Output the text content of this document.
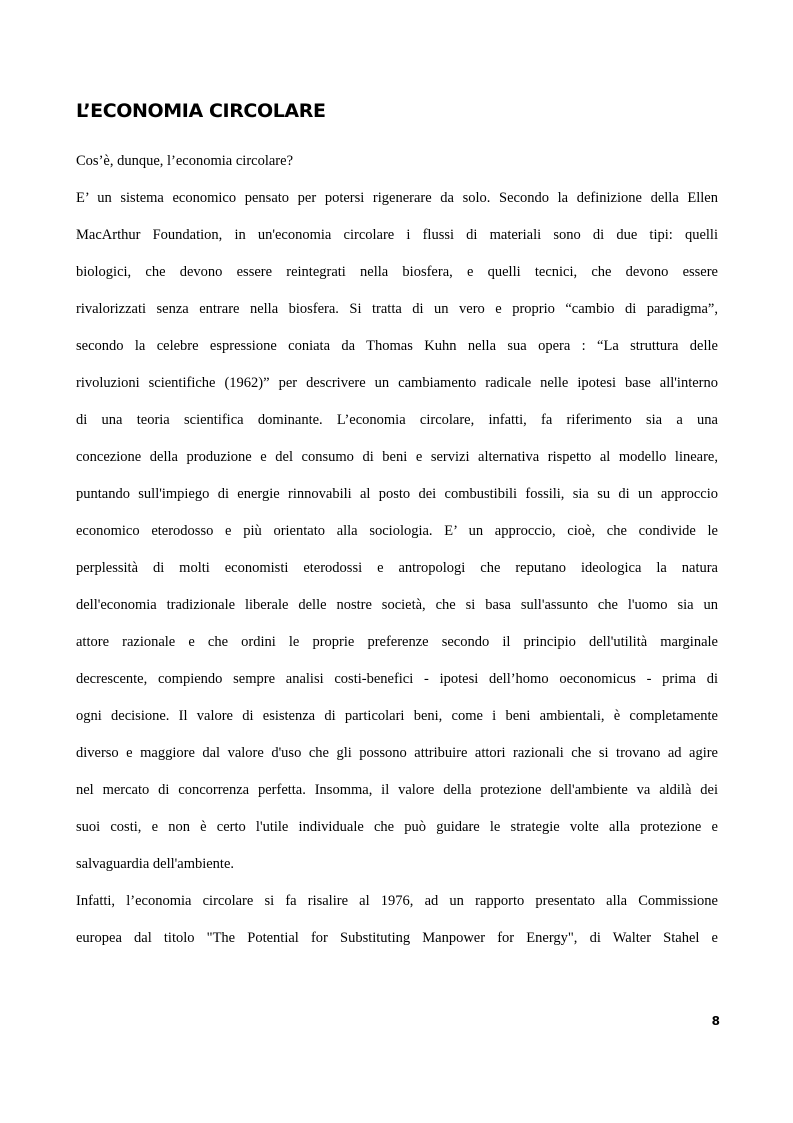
L’ECONOMIA CIRCOLARE

Cos’è, dunque, l’economia circolare?

E’ un sistema economico pensato per potersi rigenerare da solo. Secondo la definizione della Ellen
MacArthur Foundation, in un'economia circolare i flussi di materiali sono di due tipi: quelli
biologici, che devono essere reintegrati nella biosfera, e quelli tecnici, che devono essere
rivalorizzati senza entrare nella biosfera. Si tratta di un vero e proprio “cambio di paradigma”,
secondo la celebre espressione coniata da Thomas Kuhn nella sua opera : “La struttura delle
rivoluzioni scientifiche (1962)” per descrivere un cambiamento radicale nelle ipotesi base all'interno
di una teoria scientifica dominante. L’economia circolare, infatti, fa riferimento sia a una
concezione della produzione e del consumo di beni e servizi alternativa rispetto al modello lineare,
puntando sull'impiego di energie rinnovabili al posto dei combustibili fossili, sia su di un approccio
economico eterodosso e più orientato alla sociologia. E’ un approccio, cioè, che condivide le
perplessità di molti economisti eterodossi e antropologi che reputano ideologica la natura
dell'economia tradizionale liberale delle nostre società, che si basa sull'assunto che l'uomo sia un
attore razionale e che ordini le proprie preferenze secondo il principio dell'utilità marginale
decrescente, compiendo sempre analisi costi-benefici - ipotesi dell’homo oeconomicus - prima di
ogni decisione. Il valore di esistenza di particolari beni, come i beni ambientali, è completamente
diverso e maggiore dal valore d'uso che gli possono attribuire attori razionali che si trovano ad agire
nel mercato di concorrenza perfetta. Insomma, il valore della protezione dell'ambiente va aldilà dei
suoi costi, e non è certo l'utile individuale che può guidare le strategie volte alla protezione e
salvaguardia dell'ambiente.
Infatti, l’economia circolare si fa risalire al 1976, ad un rapporto presentato alla Commissione
europea dal titolo "The Potential for Substituting Manpower for Energy", di Walter Stahel e
8
